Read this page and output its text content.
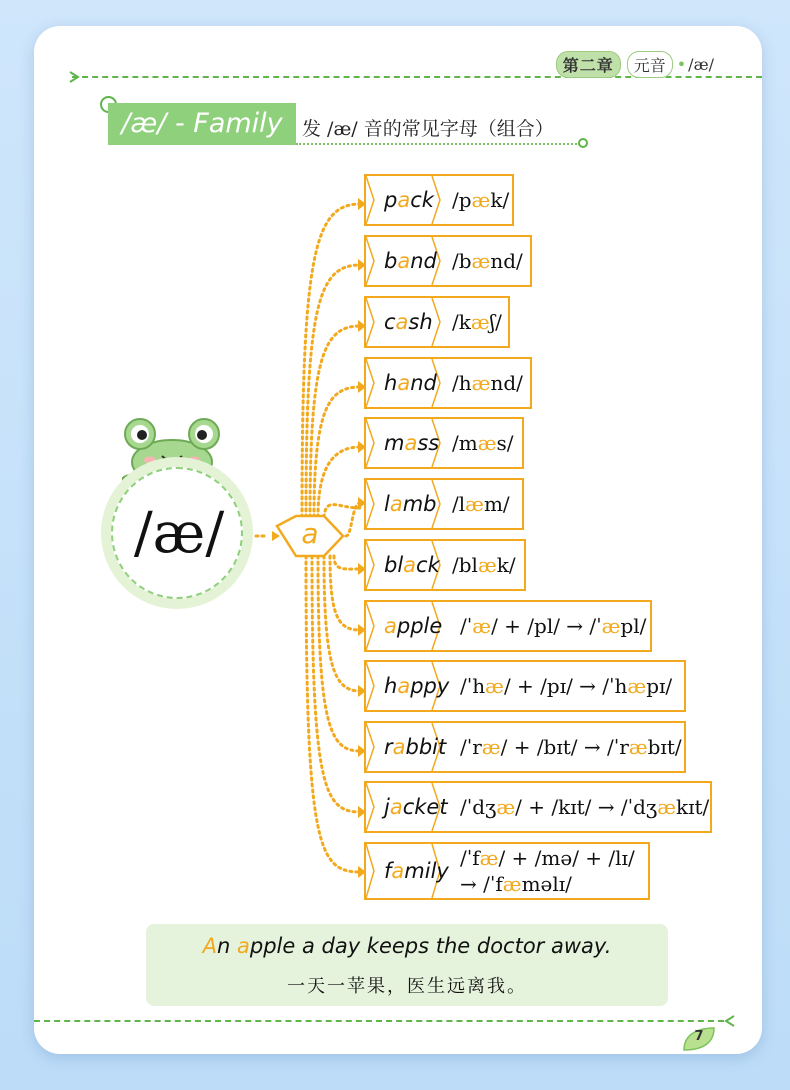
第二章	元音 • /æ/
/æ/ - Family	发 /æ/ 音的常见字母（组合）
/æ/	a
pack /pæk/
band /bænd/
cash /kæʃ/
hand /hænd/
mass /mæs/
lamb /læm/
black /blæk/
apple /ˈæ/ + /pl/ → /ˈæpl/
happy /ˈhæ/ + /pɪ/ → /ˈhæpɪ/
rabbit /ˈræ/ + /bɪt/ → /ˈræbɪt/
jacket /ˈdʒæ/ + /kɪt/ → /ˈdʒækɪt/
family
/ˈfæ/ + /mə/ + /lɪ/
→ /ˈfæməlɪ/
An apple a day keeps the doctor away.
一天一苹果，医生远离我。
7
